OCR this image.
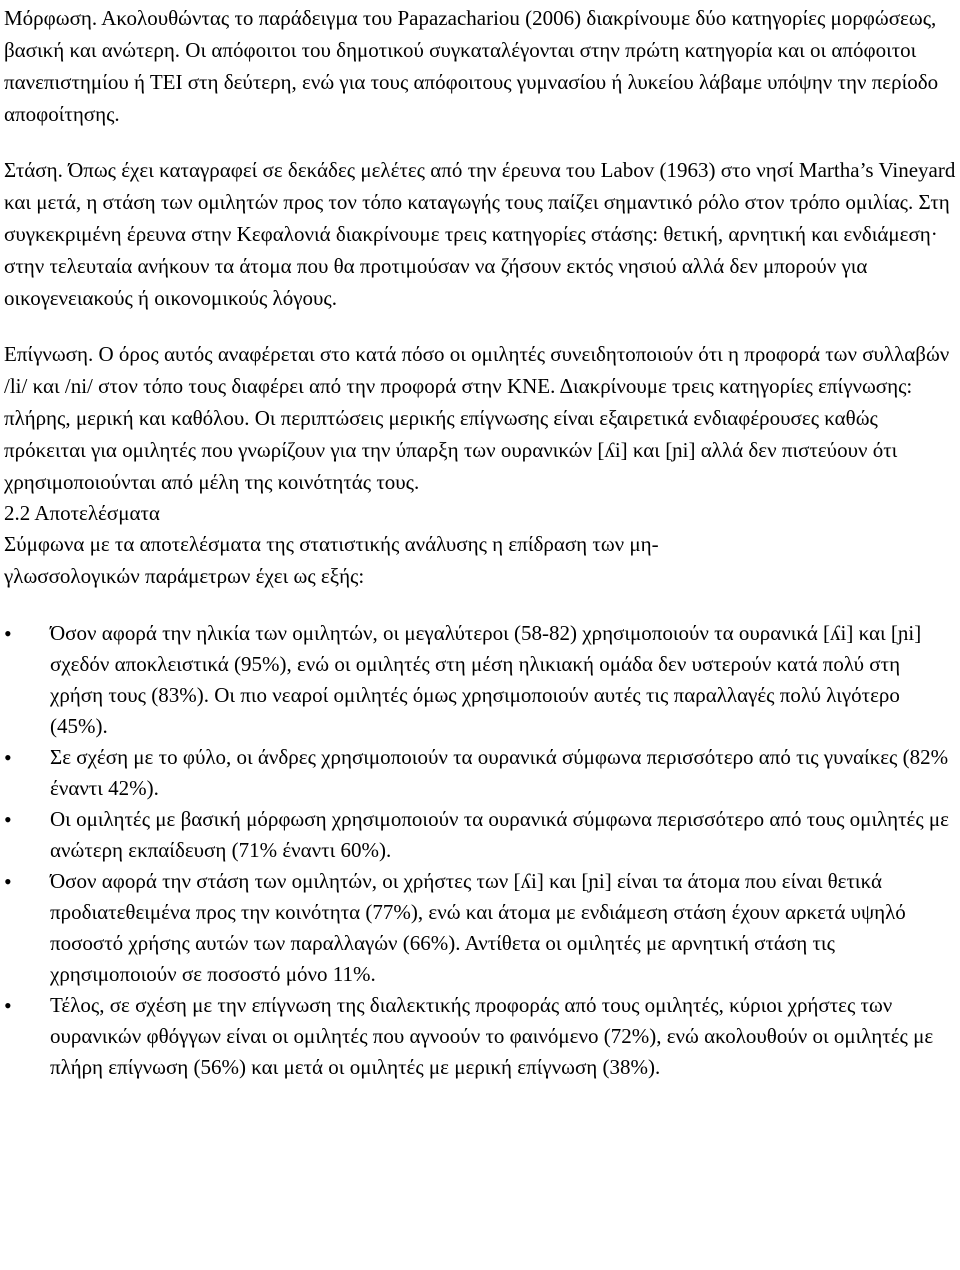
Μόρφωση. Ακολουθώντας το παράδειγμα του Papazachariou (2006) διακρίνουμε δύο κατηγορίες μορφώσεως, βασική και ανώτερη. Οι απόφοιτοι του δημοτικού συγκαταλέγονται στην πρώτη κατηγορία και οι απόφοιτοι πανεπιστημίου ή ΤΕΙ στη δεύτερη, ενώ για τους απόφοιτους γυμνασίου ή λυκείου λάβαμε υπόψην την περίοδο αποφοίτησης.

Στάση. Όπως έχει καταγραφεί σε δεκάδες μελέτες από την έρευνα του Labov (1963) στο νησί Martha’s Vineyard και μετά, η στάση των ομιλητών προς τον τόπο καταγωγής τους παίζει σημαντικό ρόλο στον τρόπο ομιλίας. Στη συγκεκριμένη έρευνα στην Κεφαλονιά διακρίνουμε τρεις κατηγορίες στάσης: θετική, αρνητική και ενδιάμεση· στην τελευταία ανήκουν τα άτομα που θα προτιμούσαν να ζήσουν εκτός νησιού αλλά δεν μπορούν για οικογενειακούς ή οικονομικούς λόγους.

Επίγνωση. Ο όρος αυτός αναφέρεται στο κατά πόσο οι ομιλητές συνειδητοποιούν ότι η προφορά των συλλαβών /li/ και /ni/ στον τόπο τους διαφέρει από την προφορά στην ΚΝΕ. Διακρίνουμε τρεις κατηγορίες επίγνωσης: πλήρης, μερική και καθόλου. Οι περιπτώσεις μερικής επίγνωσης είναι εξαιρετικά ενδιαφέρουσες καθώς πρόκειται για ομιλητές που γνωρίζουν για την ύπαρξη των ουρανικών [ʎi] και [ɲi] αλλά δεν πιστεύουν ότι χρησιμοποιούνται από μέλη της κοινότητάς τους.

2.2 Αποτελέσματα

Σύμφωνα με τα αποτελέσματα της στατιστικής ανάλυσης η επίδραση των μη-
γλωσσολογικών παράμετρων έχει ως εξής:

•	Όσον αφορά την ηλικία των ομιλητών, οι μεγαλύτεροι (58-82) χρησιμοποιούν τα ουρανικά [ʎi] και [ɲi] σχεδόν αποκλειστικά (95%), ενώ οι ομιλητές στη μέση ηλικιακή ομάδα δεν υστερούν κατά πολύ στη χρήση τους (83%). Οι πιο νεαροί ομιλητές όμως χρησιμοποιούν αυτές τις παραλλαγές πολύ λιγότερο (45%).
•	Σε σχέση με το φύλο, οι άνδρες χρησιμοποιούν τα ουρανικά σύμφωνα περισσότερο από τις γυναίκες (82% έναντι 42%).
•	Οι ομιλητές με βασική μόρφωση χρησιμοποιούν τα ουρανικά σύμφωνα περισσότερο από τους ομιλητές με ανώτερη εκπαίδευση (71% έναντι 60%).
•	Όσον αφορά την στάση των ομιλητών, οι χρήστες των [ʎi] και [ɲi] είναι τα άτομα που είναι θετικά προδιατεθειμένα προς την κοινότητα (77%), ενώ και άτομα με ενδιάμεση στάση έχουν αρκετά υψηλό ποσοστό χρήσης αυτών των παραλλαγών (66%). Αντίθετα οι ομιλητές με αρνητική στάση τις χρησιμοποιούν σε ποσοστό μόνο 11%.
•	Τέλος, σε σχέση με την επίγνωση της διαλεκτικής προφοράς από τους ομιλητές, κύριοι χρήστες των ουρανικών φθόγγων είναι οι ομιλητές που αγνοούν το φαινόμενο (72%), ενώ ακολουθούν οι ομιλητές με πλήρη επίγνωση (56%) και μετά οι ομιλητές με μερική επίγνωση (38%).
